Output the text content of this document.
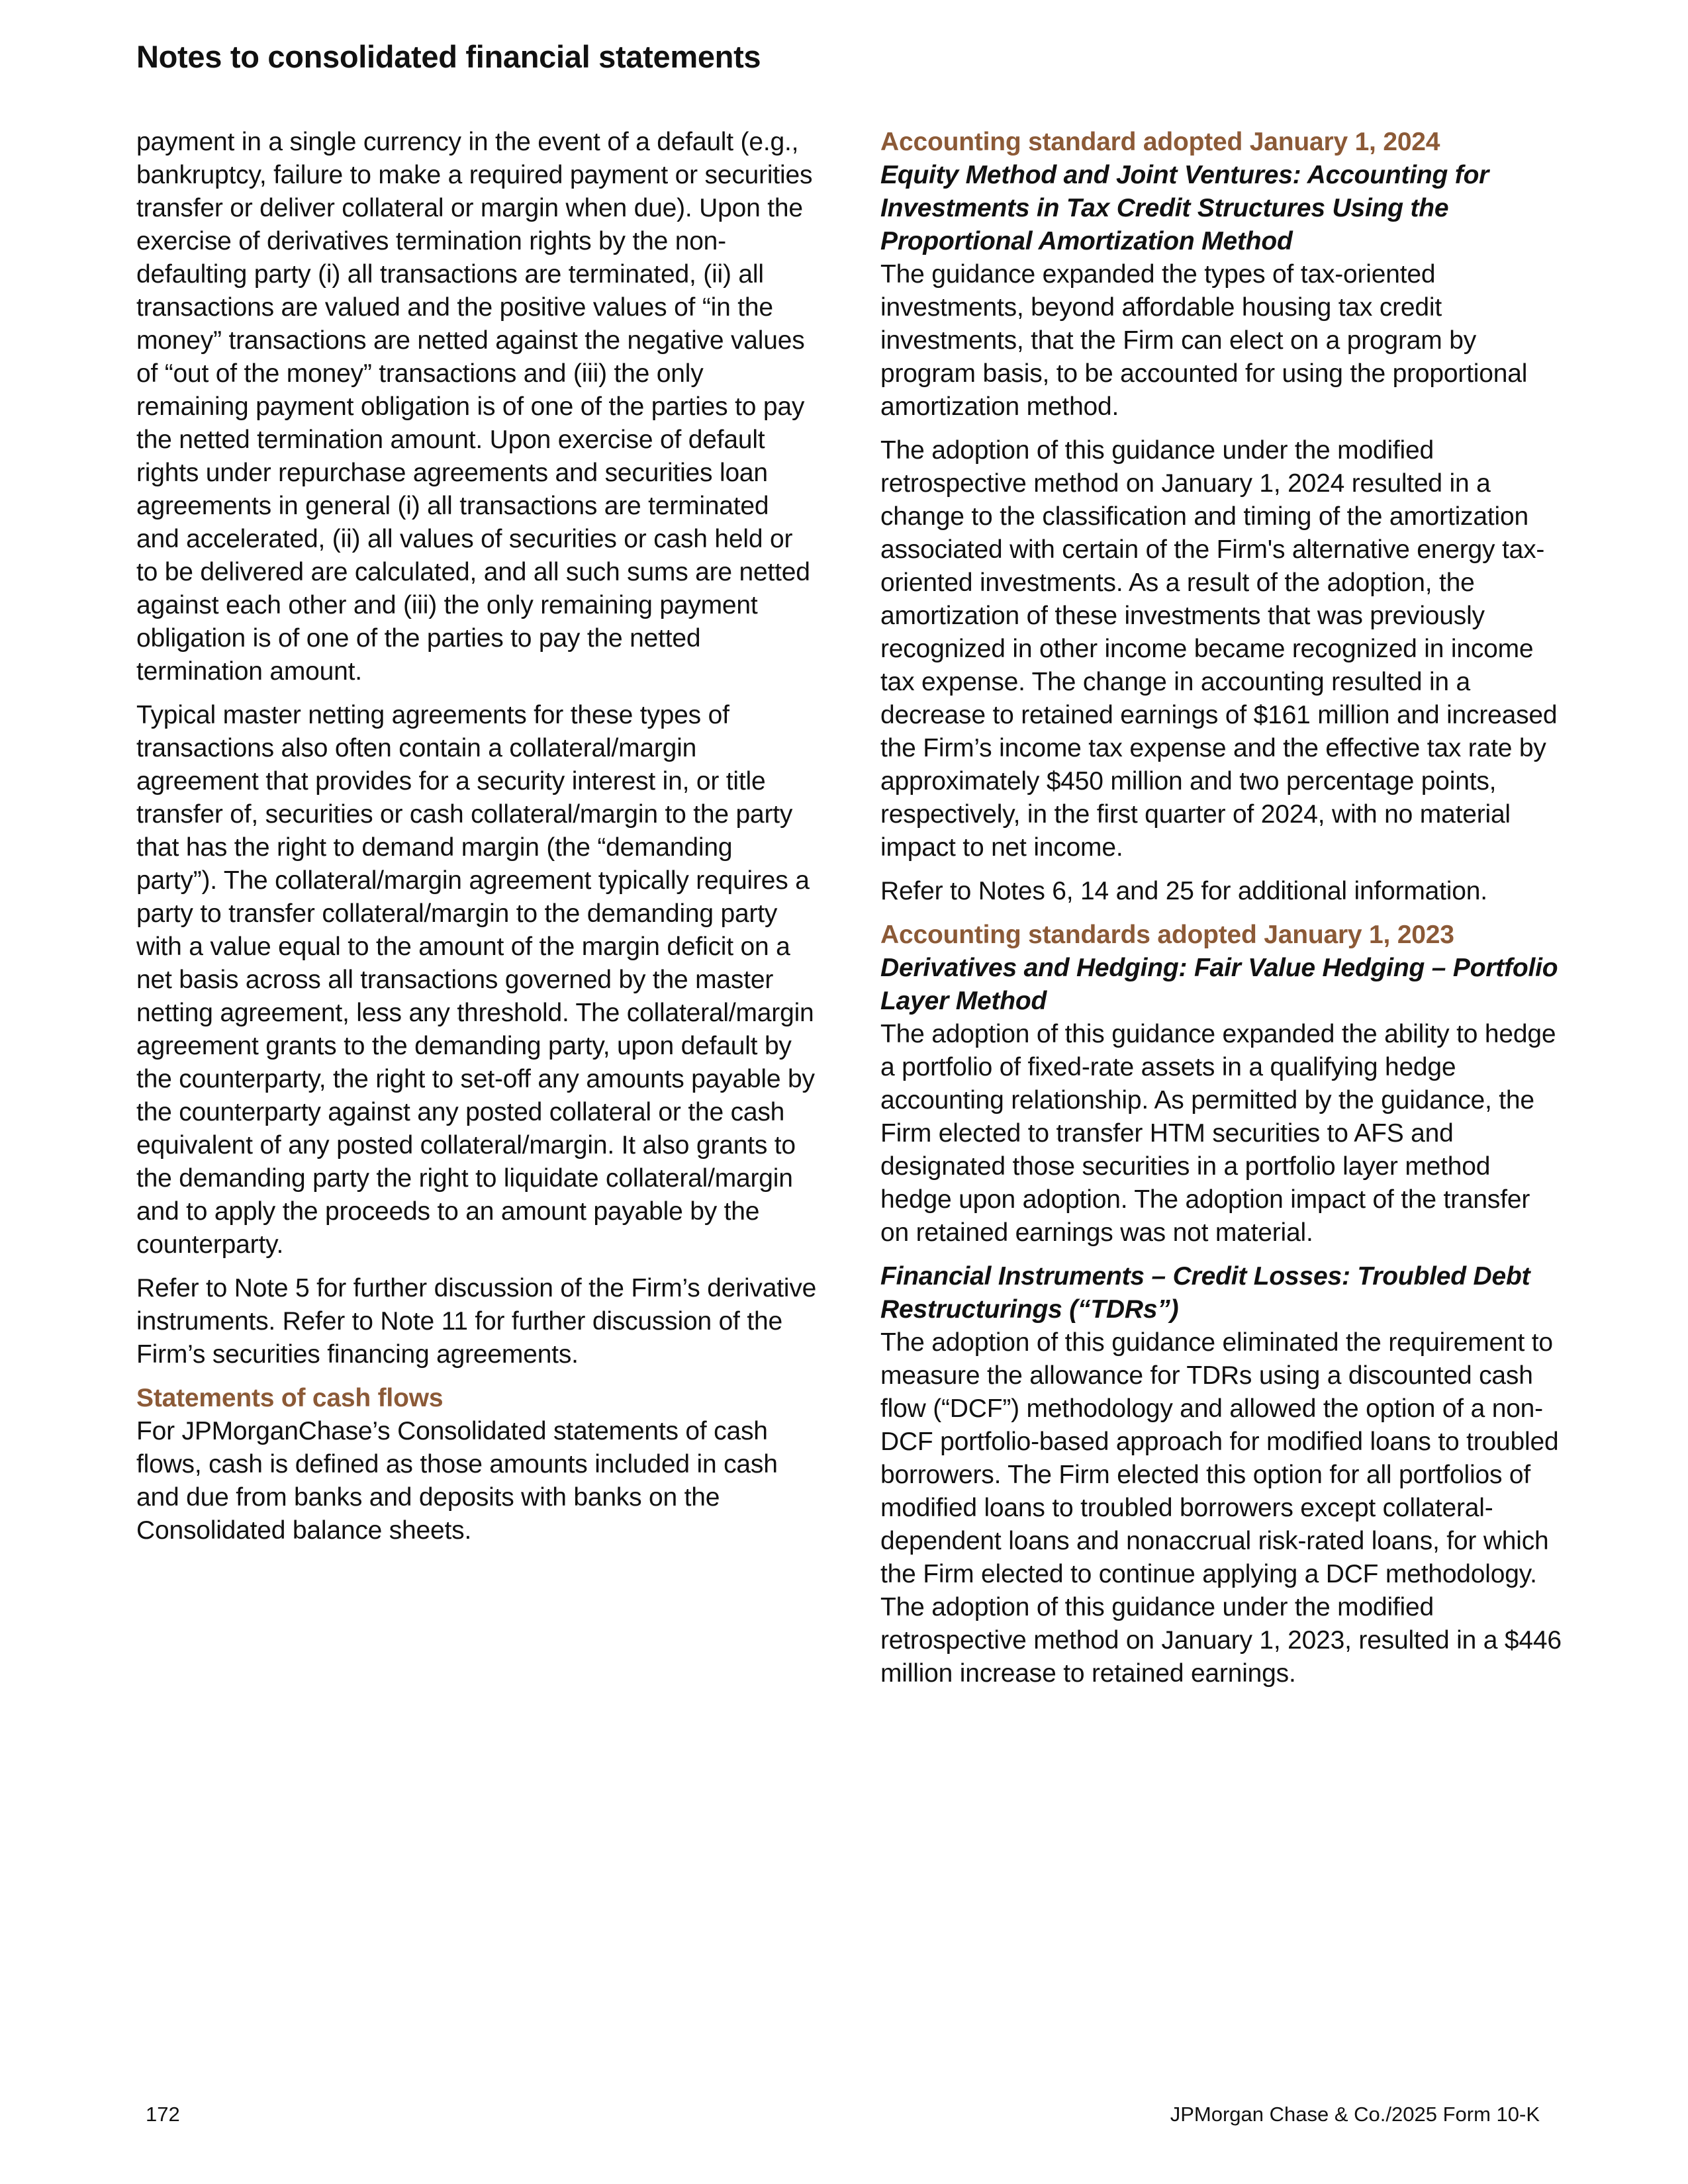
Notes to consolidated financial statements

payment in a single currency in the event of a default (e.g., bankruptcy, failure to make a required payment or securities transfer or deliver collateral or margin when due). Upon the exercise of derivatives termination rights by the non-defaulting party (i) all transactions are terminated, (ii) all transactions are valued and the positive values of “in the money” transactions are netted against the negative values of “out of the money” transactions and (iii) the only remaining payment obligation is of one of the parties to pay the netted termination amount. Upon exercise of default rights under repurchase agreements and securities loan agreements in general (i) all transactions are terminated and accelerated, (ii) all values of securities or cash held or to be delivered are calculated, and all such sums are netted against each other and (iii) the only remaining payment obligation is of one of the parties to pay the netted termination amount.

Typical master netting agreements for these types of transactions also often contain a collateral/margin agreement that provides for a security interest in, or title transfer of, securities or cash collateral/margin to the party that has the right to demand margin (the “demanding party”). The collateral/margin agreement typically requires a party to transfer collateral/margin to the demanding party with a value equal to the amount of the margin deficit on a net basis across all transactions governed by the master netting agreement, less any threshold. The collateral/margin agreement grants to the demanding party, upon default by the counterparty, the right to set-off any amounts payable by the counterparty against any posted collateral or the cash equivalent of any posted collateral/margin. It also grants to the demanding party the right to liquidate collateral/margin and to apply the proceeds to an amount payable by the counterparty.

Refer to Note 5 for further discussion of the Firm’s derivative instruments. Refer to Note 11 for further discussion of the Firm’s securities financing agreements.

Statements of cash flows

For JPMorganChase’s Consolidated statements of cash flows, cash is defined as those amounts included in cash and due from banks and deposits with banks on the Consolidated balance sheets.

Accounting standard adopted January 1, 2024
Equity Method and Joint Ventures: Accounting for Investments in Tax Credit Structures Using the Proportional Amortization Method

The guidance expanded the types of tax-oriented investments, beyond affordable housing tax credit investments, that the Firm can elect on a program by program basis, to be accounted for using the proportional amortization method.

The adoption of this guidance under the modified retrospective method on January 1, 2024 resulted in a change to the classification and timing of the amortization associated with certain of the Firm's alternative energy tax-oriented investments. As a result of the adoption, the amortization of these investments that was previously recognized in other income became recognized in income tax expense. The change in accounting resulted in a decrease to retained earnings of $161 million and increased the Firm’s income tax expense and the effective tax rate by approximately $450 million and two percentage points, respectively, in the first quarter of 2024, with no material impact to net income.

Refer to Notes 6, 14 and 25 for additional information.

Accounting standards adopted January 1, 2023
Derivatives and Hedging: Fair Value Hedging – Portfolio Layer Method

The adoption of this guidance expanded the ability to hedge a portfolio of fixed-rate assets in a qualifying hedge accounting relationship. As permitted by the guidance, the Firm elected to transfer HTM securities to AFS and designated those securities in a portfolio layer method hedge upon adoption. The adoption impact of the transfer on retained earnings was not material.

Financial Instruments – Credit Losses: Troubled Debt Restructurings (“TDRs”)

The adoption of this guidance eliminated the requirement to measure the allowance for TDRs using a discounted cash flow (“DCF”) methodology and allowed the option of a non-DCF portfolio-based approach for modified loans to troubled borrowers. The Firm elected this option for all portfolios of modified loans to troubled borrowers except collateral-dependent loans and nonaccrual risk-rated loans, for which the Firm elected to continue applying a DCF methodology. The adoption of this guidance under the modified retrospective method on January 1, 2023, resulted in a $446 million increase to retained earnings.

172	JPMorgan Chase & Co./2025 Form 10-K
